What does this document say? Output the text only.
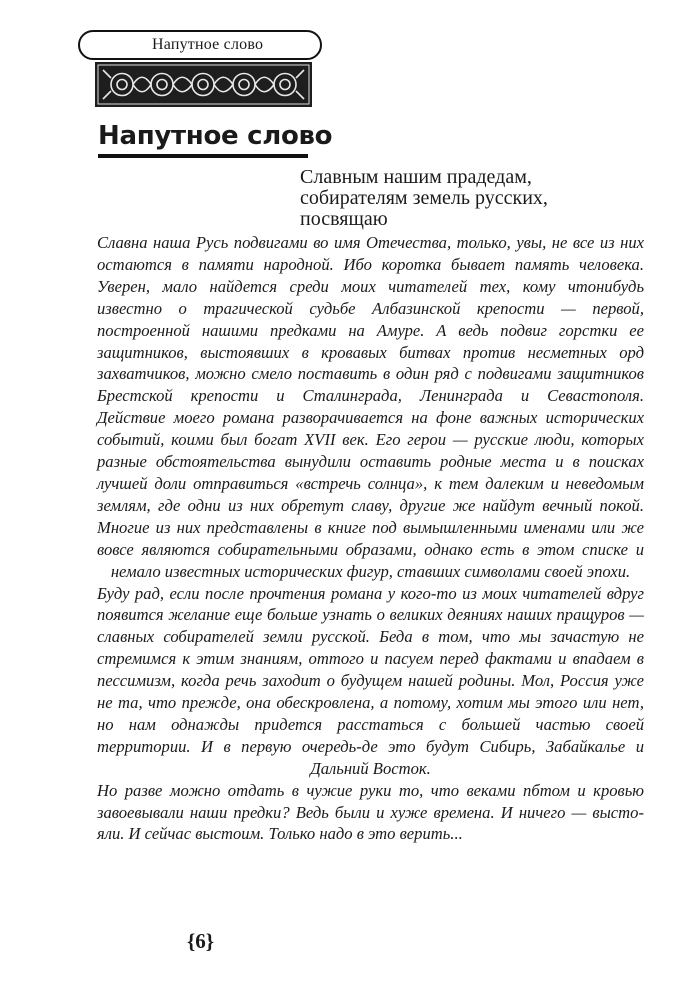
Напутное слово
Напутное слово
Славным нашим прадедам,
собирателям земель русских,
посвящаю

Славна наша Русь подвигами во имя Отечества, только, увы, не все из них остаются в памяти народной. Ибо коротка бывает память человека. Уверен, мало найдется среди моих читателей тех, кому чтонибудь известно о трагической судьбе Албазинской крепости — первой, построенной нашими предками на Амуре. А ведь подвиг горстки ее защитников, выстоявших в кровавых битвах против несметных орд захватчиков, можно смело поставить в один ряд с подвигами защитников Брестской крепости и Сталинграда, Ленинграда и Севастополя.

Действие моего романа разворачивается на фоне важных исторических событий, коими был богат XVII век. Его герои — русские люди, которых разные обстоятельства вынудили оставить родные места и в поисках лучшей доли отправиться «встречь солнца», к тем далеким и неведомым землям, где одни из них обретут славу, другие же найдут вечный покой. Многие из них представлены в книге под вымышленными именами или же вовсе являются собирательными образами, однако есть в этом списке и немало известных исторических фигур, ставших символами своей эпохи.

Буду рад, если после прочтения романа у кого-то из моих читателей вдруг появится желание еще больше узнать о великих деяниях наших пращуров — славных собирателей земли русской. Беда в том, что мы зачастую не стремимся к этим знаниям, оттого и пасуем перед фактами и впадаем в пессимизм, когда речь заходит о будущем нашей родины. Мол, Россия уже не та, что прежде, она обескровлена, а потому, хотим мы этого или нет, но нам однажды придется расстаться с большей частью своей территории. И в первую очередь-де это будут Сибирь, Забайкалье и Дальний Восток.

Но разве можно отдать в чужие руки то, что веками пбтом и кровью завоевывали наши предки? Ведь были и хуже времена. И ничего — выстояли. И сейчас выстоим. Только надо в это верить...

{6}
